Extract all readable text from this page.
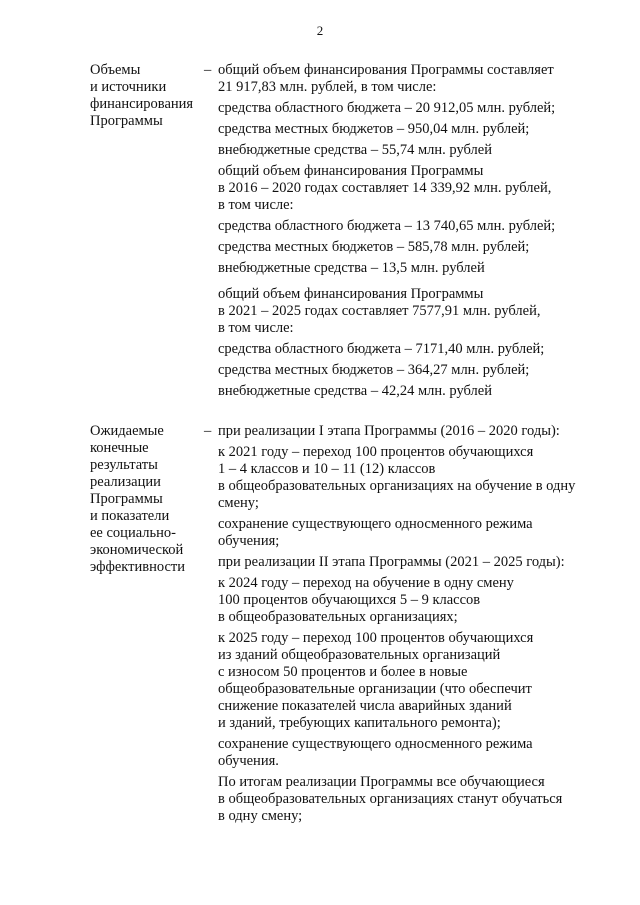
2
Объемы
и источники
финансирования
Программы
– общий объем финансирования Программы составляет
21 917,83 млн. рублей, в том числе:
средства областного бюджета – 20 912,05 млн. рублей;
средства местных бюджетов – 950,04 млн. рублей;
внебюджетные средства – 55,74 млн. рублей
общий объем финансирования Программы
в 2016 – 2020 годах составляет 14 339,92 млн. рублей,
в том числе:
средства областного бюджета – 13 740,65 млн. рублей;
средства местных бюджетов – 585,78 млн. рублей;
внебюджетные средства – 13,5 млн. рублей
общий объем финансирования Программы
в 2021 – 2025 годах составляет 7577,91 млн. рублей,
в том числе:
средства областного бюджета – 7171,40 млн. рублей;
средства местных бюджетов – 364,27 млн. рублей;
внебюджетные средства – 42,24 млн. рублей
Ожидаемые
конечные
результаты
реализации
Программы
и показатели
ее социально-
экономической
эффективности
– при реализации I этапа Программы (2016 – 2020 годы):
к 2021 году – переход 100 процентов обучающихся
1 – 4 классов и 10 – 11 (12) классов
в общеобразовательных организациях на обучение в одну
смену;
сохранение существующего односменного режима
обучения;
при реализации II этапа Программы (2021 – 2025 годы):
к 2024 году – переход на обучение в одну смену
100 процентов обучающихся 5 – 9 классов
в общеобразовательных организациях;
к 2025 году – переход 100 процентов обучающихся
из зданий общеобразовательных организаций
с износом 50 процентов и более в новые
общеобразовательные организации (что обеспечит
снижение показателей числа аварийных зданий
и зданий, требующих капитального ремонта);
сохранение существующего односменного режима
обучения.
По итогам реализации Программы все обучающиеся
в общеобразовательных организациях станут обучаться
в одну смену;
